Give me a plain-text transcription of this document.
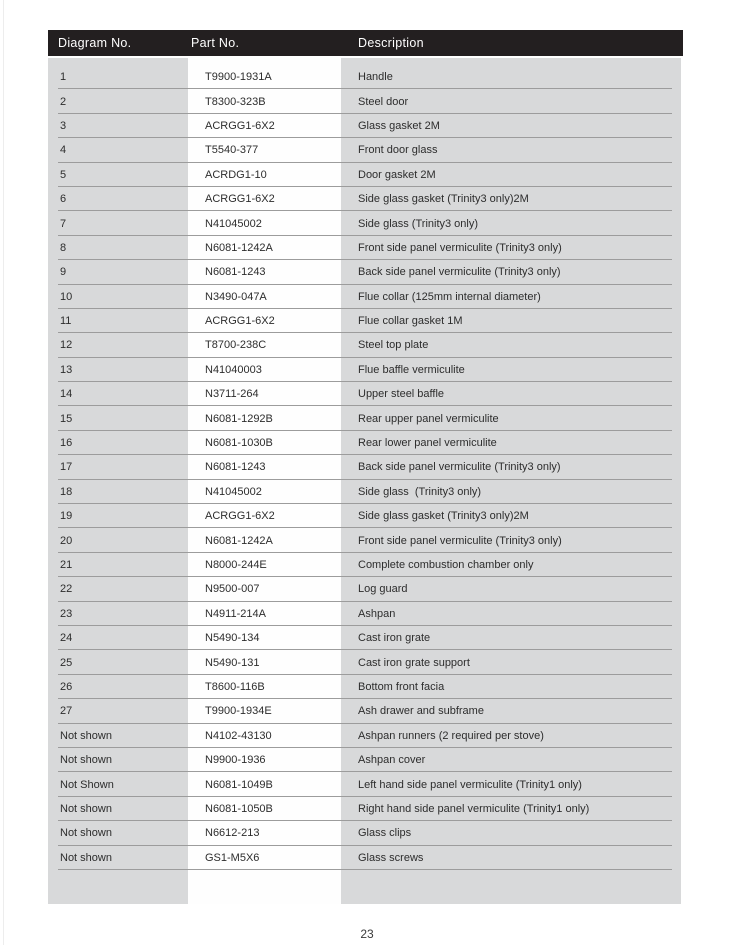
Diagram No.	Part No.	Description
1	T9900-1931A	Handle
2	T8300-323B	Steel door
3	ACRGG1-6X2	Glass gasket 2M
4	T5540-377	Front door glass
5	ACRDG1-10	Door gasket 2M
6	ACRGG1-6X2	Side glass gasket (Trinity3 only)2M
7	N41045002	Side glass (Trinity3 only)
8	N6081-1242A	Front side panel vermiculite (Trinity3 only)
9	N6081-1243	Back side panel vermiculite (Trinity3 only)
10	N3490-047A	Flue collar (125mm internal diameter)
11	ACRGG1-6X2	Flue collar gasket 1M
12	T8700-238C	Steel top plate
13	N41040003	Flue baffle vermiculite
14	N3711-264	Upper steel baffle
15	N6081-1292B	Rear upper panel vermiculite
16	N6081-1030B	Rear lower panel vermiculite
17	N6081-1243	Back side panel vermiculite (Trinity3 only)
18	N41045002	Side glass  (Trinity3 only)
19	ACRGG1-6X2	Side glass gasket (Trinity3 only)2M
20	N6081-1242A	Front side panel vermiculite (Trinity3 only)
21	N8000-244E	Complete combustion chamber only
22	N9500-007	Log guard
23	N4911-214A	Ashpan
24	N5490-134	Cast iron grate
25	N5490-131	Cast iron grate support
26	T8600-116B	Bottom front facia
27	T9900-1934E	Ash drawer and subframe
Not shown	N4102-43130	Ashpan runners (2 required per stove)
Not shown	N9900-1936	Ashpan cover
Not Shown	N6081-1049B	Left hand side panel vermiculite (Trinity1 only)
Not shown	N6081-1050B	Right hand side panel vermiculite (Trinity1 only)
Not shown	N6612-213	Glass clips
Not shown	GS1-M5X6	Glass screws
23
